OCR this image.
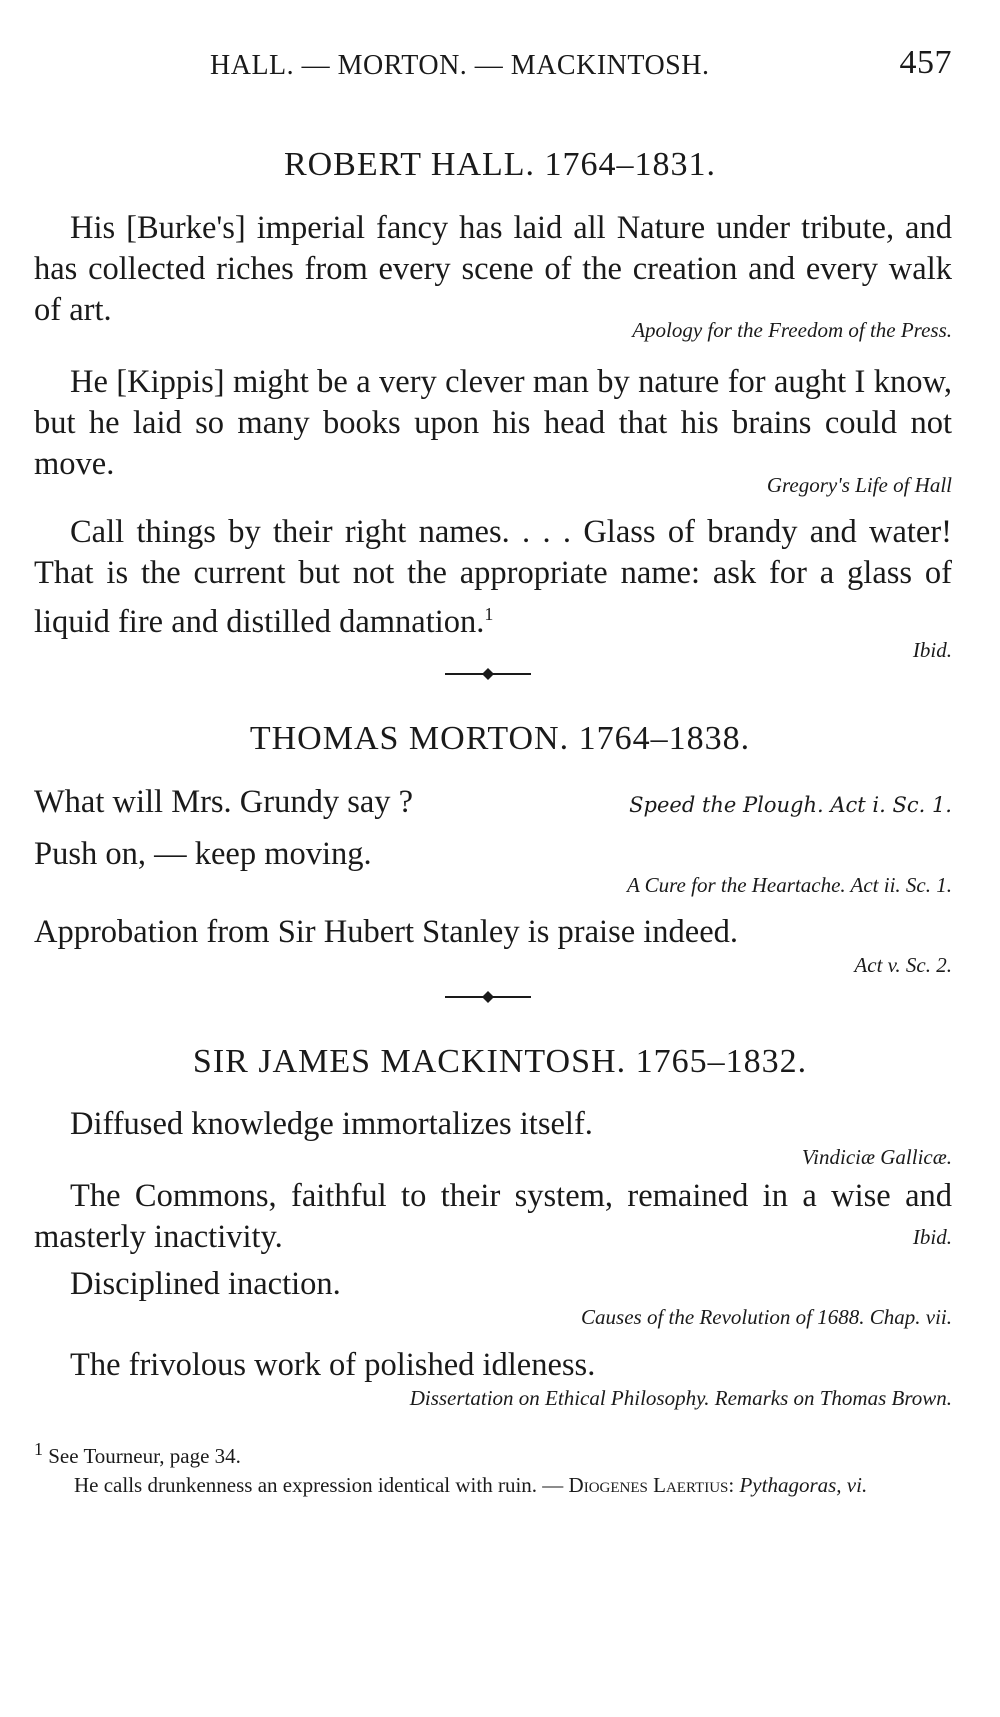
HALL. — MORTON. — MACKINTOSH.	457
ROBERT HALL. 1764–1831.
His [Burke's] imperial fancy has laid all Nature under tribute, and has collected riches from every scene of the creation and every walk of art.
Apology for the Freedom of the Press.
He [Kippis] might be a very clever man by nature for aught I know, but he laid so many books upon his head that his brains could not move.
Gregory's Life of Hall
Call things by their right names. . . . Glass of brandy and water! That is the current but not the appropriate name: ask for a glass of liquid fire and distilled damnation.$^1$
Ibid.
THOMAS MORTON. 1764–1838.
What will Mrs. Grundy say ?	Speed the Plough. Act i. Sc. 1.
Push on, — keep moving.
A Cure for the Heartache. Act ii. Sc. 1.
Approbation from Sir Hubert Stanley is praise indeed.
Act v. Sc. 2.
SIR JAMES MACKINTOSH. 1765–1832.
Diffused knowledge immortalizes itself.
Vindiciæ Gallicæ.
The Commons, faithful to their system, remained in a wise and masterly inactivity.	Ibid.
Disciplined inaction.
Causes of the Revolution of 1688. Chap. vii.
The frivolous work of polished idleness.
Dissertation on Ethical Philosophy. Remarks on Thomas Brown.
$^1$ See Tourneur, page 34.
He calls drunkenness an expression identical with ruin. — Diogenes Laertius: Pythagoras, vi.
